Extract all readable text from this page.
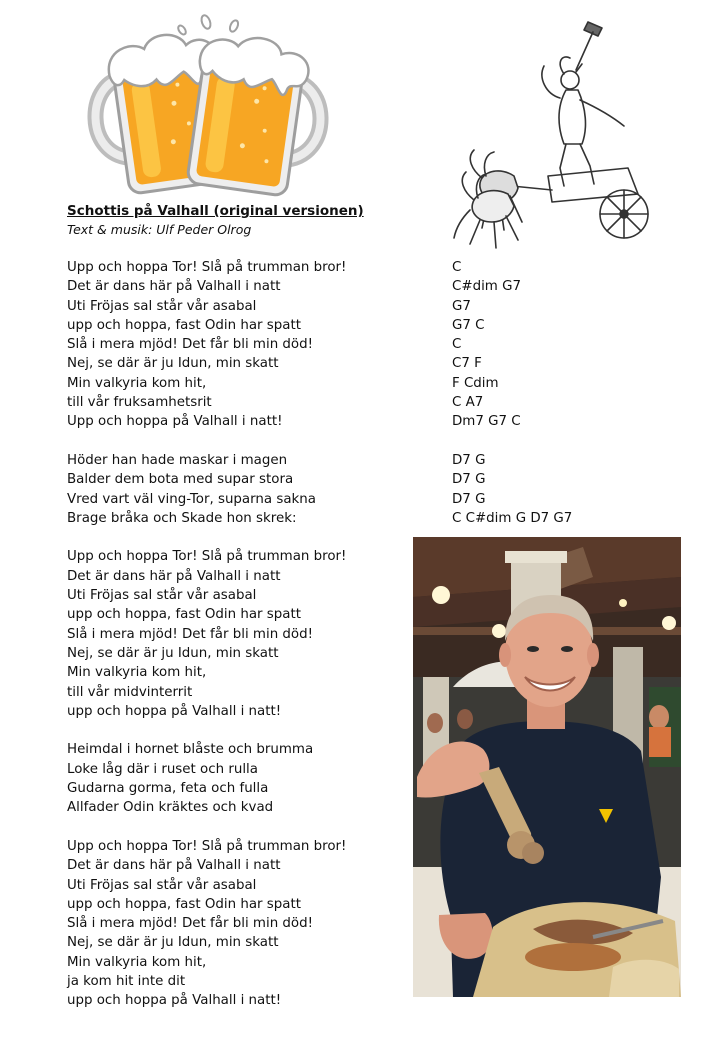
Schottis på Valhall (original versionen)
Text & musik: Ulf Peder Olrog
Upp och hoppa Tor! Slå på trumman bror!
Det är dans här på Valhall i natt
Uti Fröjas sal står vår asabal
upp och hoppa, fast Odin har spatt
Slå i mera mjöd! Det får bli min död!
Nej, se där är ju Idun, min skatt
Min valkyria kom hit,
till vår fruksamhetsrit
Upp och hoppa på Valhall i natt!
Höder han hade maskar i magen
Balder dem bota med supar stora
Vred vart väl ving-Tor, suparna sakna
Brage bråka och Skade hon skrek:
Upp och hoppa Tor! Slå på trumman bror!
Det är dans här på Valhall i natt
Uti Fröjas sal står vår asabal
upp och hoppa, fast Odin har spatt
Slå i mera mjöd! Det får bli min död!
Nej, se där är ju Idun, min skatt
Min valkyria kom hit,
till vår midvinterrit
upp och hoppa på Valhall i natt!
Heimdal i hornet blåste och brumma
Loke låg där i ruset och rulla
Gudarna gorma, feta och fulla
Allfader Odin kräktes och kvad
Upp och hoppa Tor! Slå på trumman bror!
Det är dans här på Valhall i natt
Uti Fröjas sal står vår asabal
upp och hoppa, fast Odin har spatt
Slå i mera mjöd! Det får bli min död!
Nej, se där är ju Idun, min skatt
Min valkyria kom hit,
ja kom hit inte dit
upp och hoppa på Valhall i natt!
C
C#dim G7
G7
G7 C
C
C7 F
F Cdim
C A7
Dm7 G7 C
D7 G
D7 G
D7 G
C C#dim G D7 G7
